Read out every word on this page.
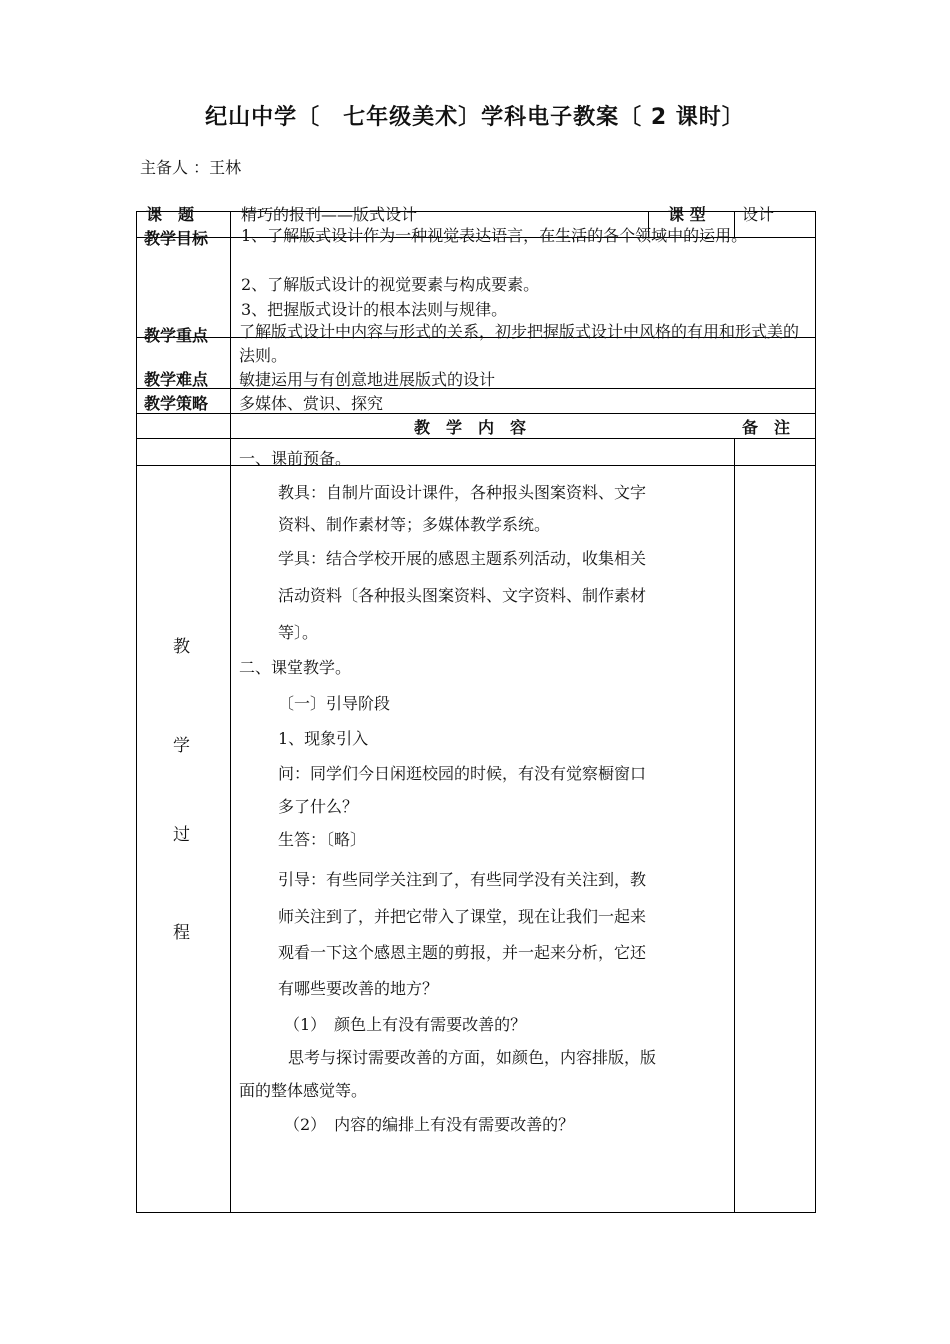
纪山中学〔　七年级美术〕学科电子教案〔 2 课时〕
主备人 ：王林
课　题	精巧的报刊——版式设计	课 型 设计
教学目标 1、了解版式设计作为一种视觉表达语言，在生活的各个领域中的运用。
2、了解版式设计的视觉要素与构成要素。
3、把握版式设计的根本法则与规律。
教学重点 了解版式设计中内容与形式的关系，初步把握版式设计中风格的有用和形式美的法则。
教学难点 敏捷运用与有创意地进展版式的设计
教学策略 多媒体、赏识、探究
教　学　内　容	备　注
教
学
过
程
一、课前预备。
教具：自制片面设计课件，各种报头图案资料、文字
资料、制作素材等；多媒体教学系统。
学具：结合学校开展的感恩主题系列活动，收集相关
活动资料〔各种报头图案资料、文字资料、制作素材
等〕。
二、课堂教学。
〔一〕引导阶段
1、现象引入
问：同学们今日闲逛校园的时候，有没有觉察橱窗口
多了什么？
生答：〔略〕
引导：有些同学关注到了，有些同学没有关注到，教
师关注到了，并把它带入了课堂，现在让我们一起来
观看一下这个感恩主题的剪报，并一起来分析，它还
有哪些要改善的地方？
（1）　颜色上有没有需要改善的？
思考与探讨需要改善的方面，如颜色，内容排版，版
面的整体感觉等。
（2）　内容的编排上有没有需要改善的？
